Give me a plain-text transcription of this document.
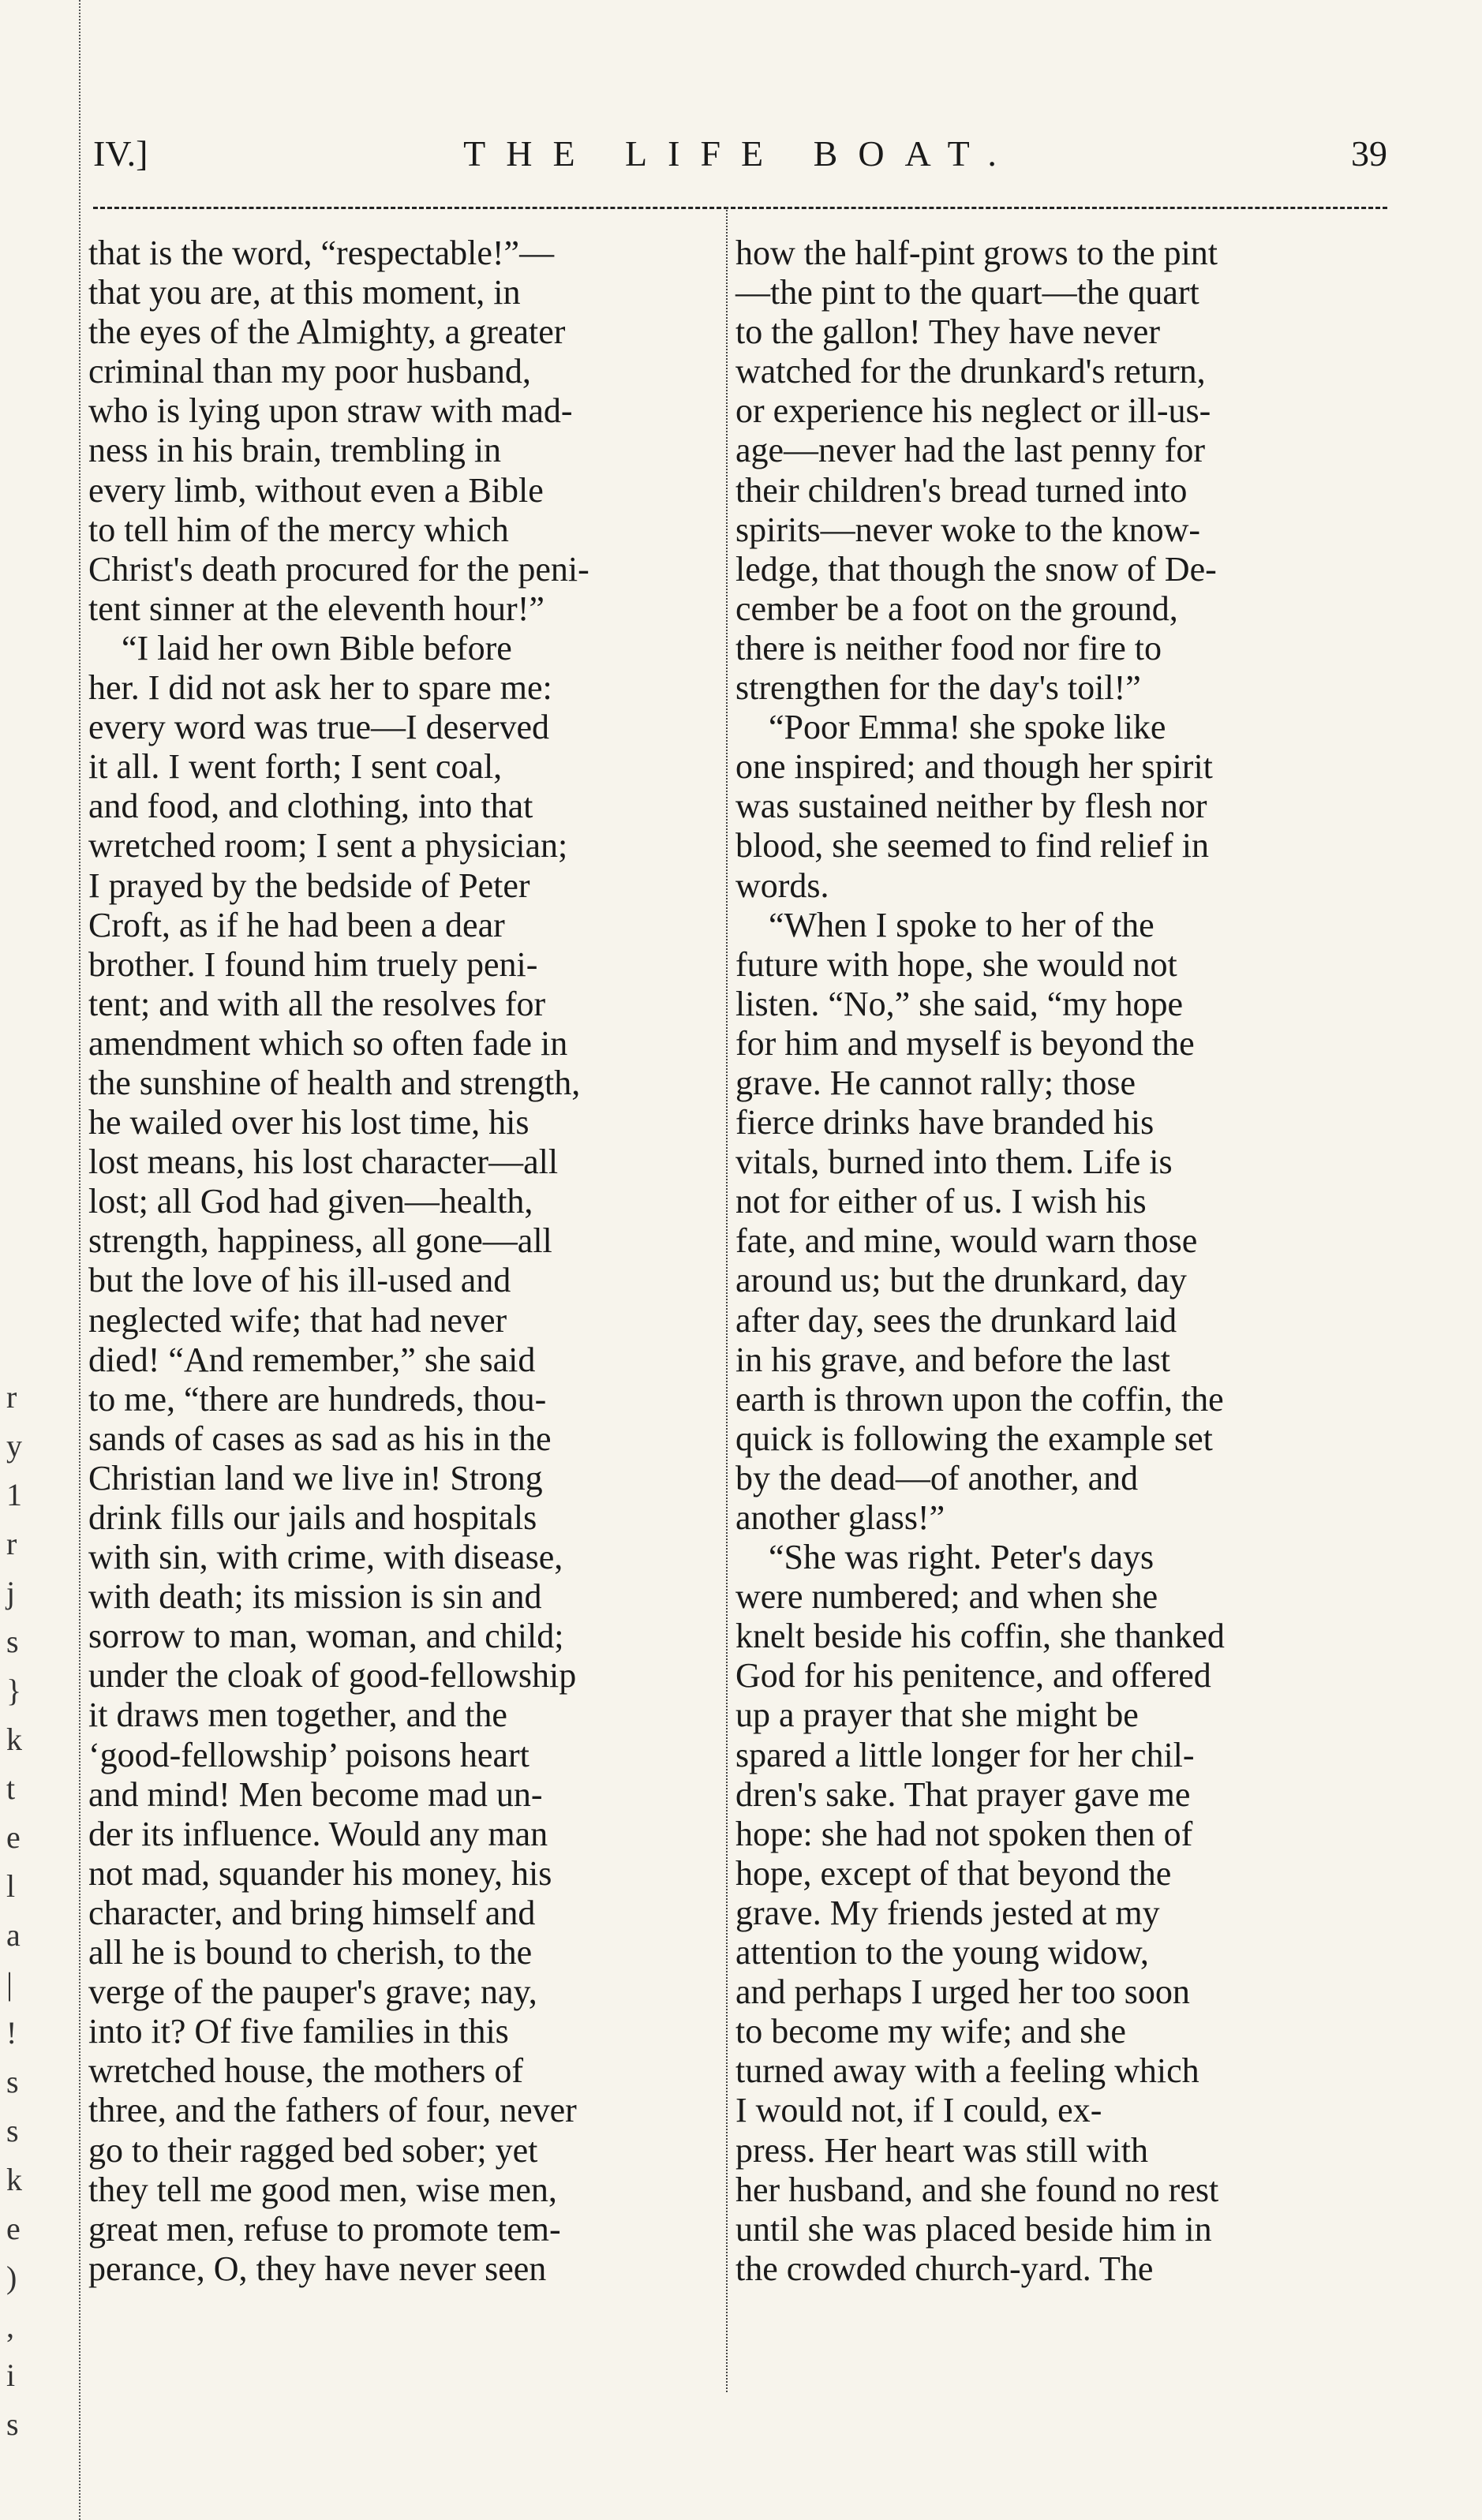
r
y
1
r
j
s
}
k
t
e
l
a
|
!
s
s
k
e
)
,
i
s
IV.]	THE LIFE BOAT.	39

that is the word, “respectable!”—
that you are, at this moment, in
the eyes of the Almighty, a greater
criminal than my poor husband,
who is lying upon straw with mad-
ness in his brain, trembling in
every limb, without even a Bible
to tell him of the mercy which
Christ's death procured for the peni-
tent sinner at the eleventh hour!”

“I laid her own Bible before
her. I did not ask her to spare me:
every word was true—I deserved
it all. I went forth; I sent coal,
and food, and clothing, into that
wretched room; I sent a physician;
I prayed by the bedside of Peter
Croft, as if he had been a dear
brother. I found him truely peni-
tent; and with all the resolves for
amendment which so often fade in
the sunshine of health and strength,
he wailed over his lost time, his
lost means, his lost character—all
lost; all God had given—health,
strength, happiness, all gone—all
but the love of his ill-used and
neglected wife; that had never
died! “And remember,” she said
to me, “there are hundreds, thou-
sands of cases as sad as his in the
Christian land we live in! Strong
drink fills our jails and hospitals
with sin, with crime, with disease,
with death; its mission is sin and
sorrow to man, woman, and child;
under the cloak of good-fellowship
it draws men together, and the
‘good-fellowship’ poisons heart
and mind! Men become mad un-
der its influence. Would any man
not mad, squander his money, his
character, and bring himself and
all he is bound to cherish, to the
verge of the pauper's grave; nay,
into it? Of five families in this
wretched house, the mothers of
three, and the fathers of four, never
go to their ragged bed sober; yet
they tell me good men, wise men,
great men, refuse to promote tem-
perance, O, they have never seen

how the half-pint grows to the pint
—the pint to the quart—the quart
to the gallon! They have never
watched for the drunkard's return,
or experience his neglect or ill-us-
age—never had the last penny for
their children's bread turned into
spirits—never woke to the know-
ledge, that though the snow of De-
cember be a foot on the ground,
there is neither food nor fire to
strengthen for the day's toil!”

“Poor Emma! she spoke like
one inspired; and though her spirit
was sustained neither by flesh nor
blood, she seemed to find relief in
words.

“When I spoke to her of the
future with hope, she would not
listen. “No,” she said, “my hope
for him and myself is beyond the
grave. He cannot rally; those
fierce drinks have branded his
vitals, burned into them. Life is
not for either of us. I wish his
fate, and mine, would warn those
around us; but the drunkard, day
after day, sees the drunkard laid
in his grave, and before the last
earth is thrown upon the coffin, the
quick is following the example set
by the dead—of another, and
another glass!”

“She was right. Peter's days
were numbered; and when she
knelt beside his coffin, she thanked
God for his penitence, and offered
up a prayer that she might be
spared a little longer for her chil-
dren's sake. That prayer gave me
hope: she had not spoken then of
hope, except of that beyond the
grave. My friends jested at my
attention to the young widow,
and perhaps I urged her too soon
to become my wife; and she
turned away with a feeling which
I would not, if I could, ex-
press. Her heart was still with
her husband, and she found no rest
until she was placed beside him in
the crowded church-yard. The
